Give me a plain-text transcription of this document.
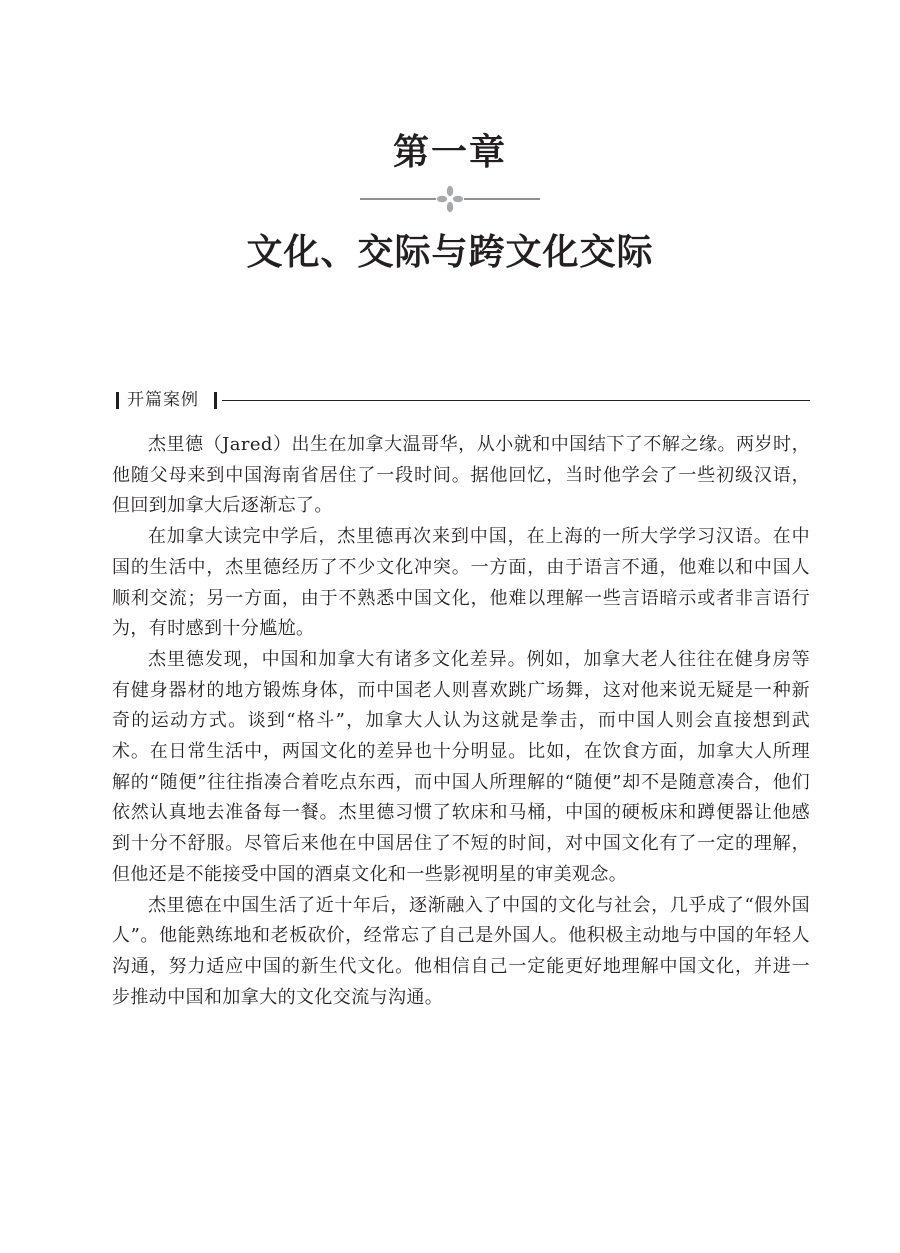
第一章
文化、交际与跨文化交际
开篇案例

杰里德（Jared）出生在加拿大温哥华，从小就和中国结下了不解之缘。两岁时，他随父母来到中国海南省居住了一段时间。据他回忆，当时他学会了一些初级汉语，但回到加拿大后逐渐忘了。

在加拿大读完中学后，杰里德再次来到中国，在上海的一所大学学习汉语。在中国的生活中，杰里德经历了不少文化冲突。一方面，由于语言不通，他难以和中国人顺利交流；另一方面，由于不熟悉中国文化，他难以理解一些言语暗示或者非言语行为，有时感到十分尴尬。

杰里德发现，中国和加拿大有诸多文化差异。例如，加拿大老人往往在健身房等有健身器材的地方锻炼身体，而中国老人则喜欢跳广场舞，这对他来说无疑是一种新奇的运动方式。谈到“格斗”，加拿大人认为这就是拳击，而中国人则会直接想到武术。在日常生活中，两国文化的差异也十分明显。比如，在饮食方面，加拿大人所理解的“随便”往往指凑合着吃点东西，而中国人所理解的“随便”却不是随意凑合，他们依然认真地去准备每一餐。杰里德习惯了软床和马桶，中国的硬板床和蹲便器让他感到十分不舒服。尽管后来他在中国居住了不短的时间，对中国文化有了一定的理解，但他还是不能接受中国的酒桌文化和一些影视明星的审美观念。

杰里德在中国生活了近十年后，逐渐融入了中国的文化与社会，几乎成了“假外国人”。他能熟练地和老板砍价，经常忘了自己是外国人。他积极主动地与中国的年轻人沟通，努力适应中国的新生代文化。他相信自己一定能更好地理解中国文化，并进一步推动中国和加拿大的文化交流与沟通。
